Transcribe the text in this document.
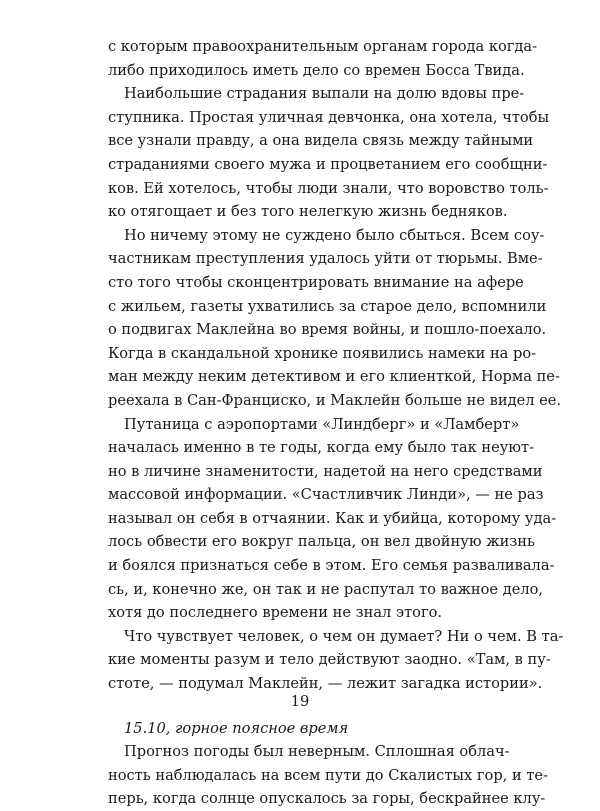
с которым правоохранительным органам города когда-
либо приходилось иметь дело со времен Босса Твида.
Наибольшие страдания выпали на долю вдовы пре-
ступника. Простая уличная девчонка, она хотела, чтобы
все узнали правду, а она видела связь между тайными
страданиями своего мужа и процветанием его сообщни-
ков. Ей хотелось, чтобы люди знали, что воровство толь-
ко отягощает и без того нелегкую жизнь бедняков.
Но ничему этому не суждено было сбыться. Всем соу-
частникам преступления удалось уйти от тюрьмы. Вме-
сто того чтобы сконцентрировать внимание на афере
с жильем, газеты ухватились за старое дело, вспомнили
о подвигах Маклейна во время войны, и пошло-поехало.
Когда в скандальной хронике появились намеки на ро-
ман между неким детективом и его клиенткой, Норма пе-
реехала в Сан-Франциско, и Маклейн больше не видел ее.
Путаница с аэропортами «Линдберг» и «Ламберт»
началась именно в те годы, когда ему было так неуют-
но в личине знаменитости, надетой на него средствами
массовой информации. «Счастливчик Линди», — не раз
называл он себя в отчаянии. Как и убийца, которому уда-
лось обвести его вокруг пальца, он вел двойную жизнь
и боялся признаться себе в этом. Его семья разваливала-
сь, и, конечно же, он так и не распутал то важное дело,
хотя до последнего времени не знал этого.
Что чувствует человек, о чем он думает? Ни о чем. В та-
кие моменты разум и тело действуют заодно. «Там, в пу-
стоте, — подумал Маклейн, — лежит загадка истории».
15.10, горное поясное время
Прогноз погоды был неверным. Сплошная облач-
ность наблюдалась на всем пути до Скалистых гор, и те-
перь, когда солнце опускалось за горы, бескрайнее клу-
19
